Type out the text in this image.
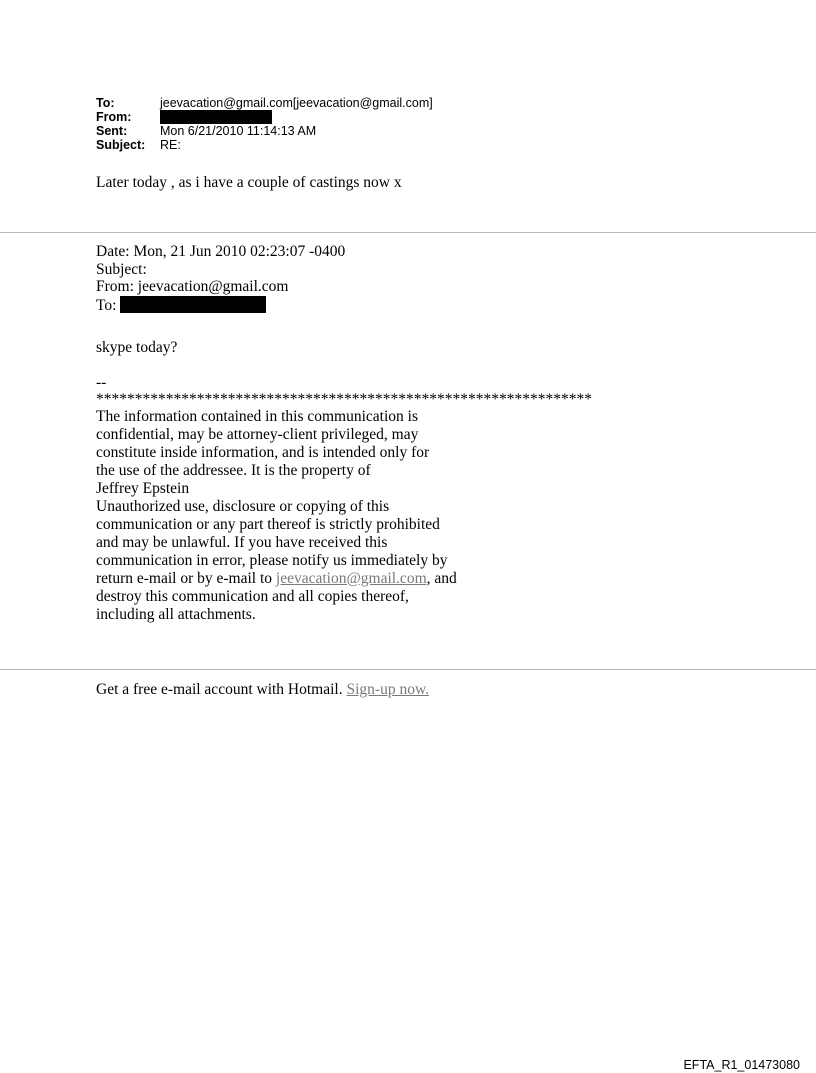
To:	jeevacation@gmail.com[jeevacation@gmail.com]
From:
Sent:	Mon 6/21/2010 11:14:13 AM
Subject:	RE:
Later today , as i have a couple of castings now x
Date: Mon, 21 Jun 2010 02:23:07 -0400
Subject:
From: jeevacation@gmail.com
To:
skype today?
--
****************************************************************
The information contained in this communication is
confidential, may be attorney-client privileged, may
constitute inside information, and is intended only for
the use of the addressee. It is the property of
Jeffrey Epstein
Unauthorized use, disclosure or copying of this
communication or any part thereof is strictly prohibited
and may be unlawful. If you have received this
communication in error, please notify us immediately by
return e-mail or by e-mail to jeevacation@gmail.com, and
destroy this communication and all copies thereof,
including all attachments.
Get a free e-mail account with Hotmail. Sign-up now.
EFTA_R1_01473080
